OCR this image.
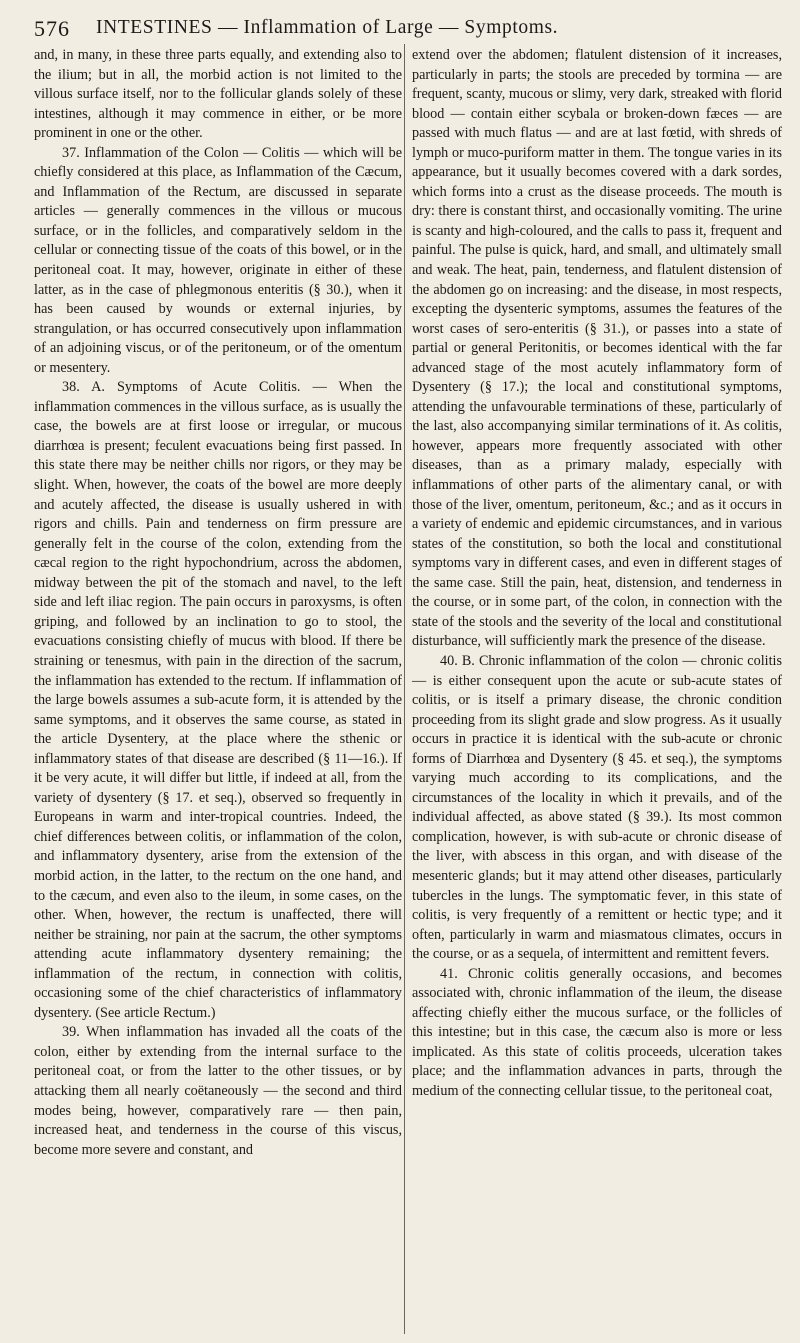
576 INTESTINES — Inflammation of Large — Symptoms.

and, in many, in these three parts equally, and extending also to the ilium; but in all, the morbid action is not limited to the villous surface itself, nor to the follicular glands solely of these intestines, although it may commence in either, or be more prominent in one or the other.

37. Inflammation of the Colon — Colitis — which will be chiefly considered at this place, as Inflammation of the Cæcum, and Inflammation of the Rectum, are discussed in separate articles — generally commences in the villous or mucous surface, or in the follicles, and comparatively seldom in the cellular or connecting tissue of the coats of this bowel, or in the peritoneal coat. It may, however, originate in either of these latter, as in the case of phlegmonous enteritis (§ 30.), when it has been caused by wounds or external injuries, by strangulation, or has occurred consecutively upon inflammation of an adjoining viscus, or of the peritoneum, or of the omentum or mesentery.

38. A. Symptoms of Acute Colitis. — When the inflammation commences in the villous surface, as is usually the case, the bowels are at first loose or irregular, or mucous diarrhœa is present; feculent evacuations being first passed. In this state there may be neither chills nor rigors, or they may be slight. When, however, the coats of the bowel are more deeply and acutely affected, the disease is usually ushered in with rigors and chills. Pain and tenderness on firm pressure are generally felt in the course of the colon, extending from the cæcal region to the right hypochondrium, across the abdomen, midway between the pit of the stomach and navel, to the left side and left iliac region. The pain occurs in paroxysms, is often griping, and followed by an inclination to go to stool, the evacuations consisting chiefly of mucus with blood. If there be straining or tenesmus, with pain in the direction of the sacrum, the inflammation has extended to the rectum. If inflammation of the large bowels assumes a sub-acute form, it is attended by the same symptoms, and it observes the same course, as stated in the article Dysentery, at the place where the sthenic or inflammatory states of that disease are described (§ 11—16.). If it be very acute, it will differ but little, if indeed at all, from the variety of dysentery (§ 17. et seq.), observed so frequently in Europeans in warm and inter-tropical countries. Indeed, the chief differences between colitis, or inflammation of the colon, and inflammatory dysentery, arise from the extension of the morbid action, in the latter, to the rectum on the one hand, and to the cæcum, and even also to the ileum, in some cases, on the other. When, however, the rectum is unaffected, there will neither be straining, nor pain at the sacrum, the other symptoms attending acute inflammatory dysentery remaining; the inflammation of the rectum, in connection with colitis, occasioning some of the chief characteristics of inflammatory dysentery. (See article Rectum.)

39. When inflammation has invaded all the coats of the colon, either by extending from the internal surface to the peritoneal coat, or from the latter to the other tissues, or by attacking them all nearly coëtaneously — the second and third modes being, however, comparatively rare — then pain, increased heat, and tenderness in the course of this viscus, become more severe and constant, and

extend over the abdomen; flatulent distension of it increases, particularly in parts; the stools are preceded by tormina — are frequent, scanty, mucous or slimy, very dark, streaked with florid blood — contain either scybala or broken-down fæces — are passed with much flatus — and are at last fœtid, with shreds of lymph or muco-puriform matter in them. The tongue varies in its appearance, but it usually becomes covered with a dark sordes, which forms into a crust as the disease proceeds. The mouth is dry: there is constant thirst, and occasionally vomiting. The urine is scanty and high-coloured, and the calls to pass it, frequent and painful. The pulse is quick, hard, and small, and ultimately small and weak. The heat, pain, tenderness, and flatulent distension of the abdomen go on increasing: and the disease, in most respects, excepting the dysenteric symptoms, assumes the features of the worst cases of sero-enteritis (§ 31.), or passes into a state of partial or general Peritonitis, or becomes identical with the far advanced stage of the most acutely inflammatory form of Dysentery (§ 17.); the local and constitutional symptoms, attending the unfavourable terminations of these, particularly of the last, also accompanying similar terminations of it. As colitis, however, appears more frequently associated with other diseases, than as a primary malady, especially with inflammations of other parts of the alimentary canal, or with those of the liver, omentum, peritoneum, &c.; and as it occurs in a variety of endemic and epidemic circumstances, and in various states of the constitution, so both the local and constitutional symptoms vary in different cases, and even in different stages of the same case. Still the pain, heat, distension, and tenderness in the course, or in some part, of the colon, in connection with the state of the stools and the severity of the local and constitutional disturbance, will sufficiently mark the presence of the disease.

40. B. Chronic inflammation of the colon — chronic colitis — is either consequent upon the acute or sub-acute states of colitis, or is itself a primary disease, the chronic condition proceeding from its slight grade and slow progress. As it usually occurs in practice it is identical with the sub-acute or chronic forms of Diarrhœa and Dysentery (§ 45. et seq.), the symptoms varying much according to its complications, and the circumstances of the locality in which it prevails, and of the individual affected, as above stated (§ 39.). Its most common complication, however, is with sub-acute or chronic disease of the liver, with abscess in this organ, and with disease of the mesenteric glands; but it may attend other diseases, particularly tubercles in the lungs. The symptomatic fever, in this state of colitis, is very frequently of a remittent or hectic type; and it often, particularly in warm and miasmatous climates, occurs in the course, or as a sequela, of intermittent and remittent fevers.

41. Chronic colitis generally occasions, and becomes associated with, chronic inflammation of the ileum, the disease affecting chiefly either the mucous surface, or the follicles of this intestine; but in this case, the cæcum also is more or less implicated. As this state of colitis proceeds, ulceration takes place; and the inflammation advances in parts, through the medium of the connecting cellular tissue, to the peritoneal coat,
